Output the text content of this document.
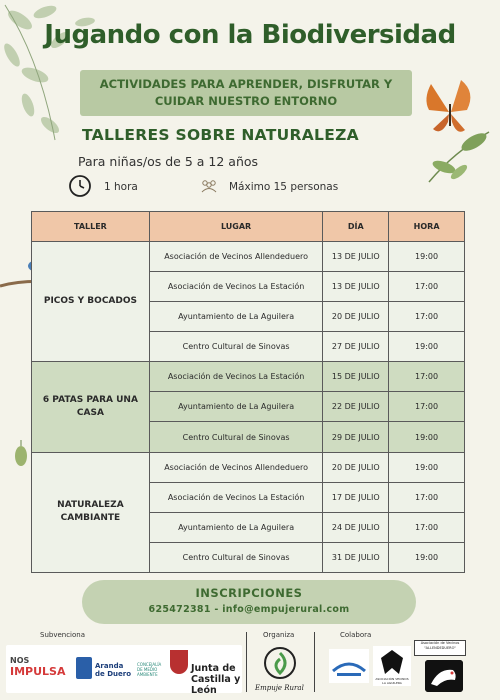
Jugando con la Biodiversidad
ACTIVIDADES PARA APRENDER, DISFRUTAR Y
CUIDAR NUESTRO ENTORNO
TALLERES SOBRE NATURALEZA
Para niñas/os de 5 a 12 años
1 hora	Máximo 15 personas
TALLER	LUGAR	DÍA	HORA
PICOS Y BOCADOS	Asociación de Vecinos Allendeduero	13 DE JULIO	19:00
	Asociación de Vecinos La Estación	13 DE JULIO	17:00
	Ayuntamiento de La Aguilera	20 DE JULIO	17:00
	Centro Cultural de Sinovas	27 DE JULIO	19:00
6 PATAS PARA UNA CASA	Asociación de Vecinos La Estación	15 DE JULIO	17:00
	Ayuntamiento de La Aguilera	22 DE JULIO	17:00
	Centro Cultural de Sinovas	29 DE JULIO	19:00
NATURALEZA CAMBIANTE	Asociación de Vecinos Allendeduero	20 DE JULIO	19:00
	Asociación de Vecinos La Estación	17 DE JULIO	17:00
	Ayuntamiento de La Aguilera	24 DE JULIO	17:00
	Centro Cultural de Sinovas	31 DE JULIO	19:00
INSCRIPCIONES
625472381 - info@empujerural.com
Subvenciona	Organiza	Colabora
NOS
IMPULSA	Aranda de Duero
CONCEJALÍA DE MEDIO AMBIENTE
Junta de Castilla y León	Empuje Rural
ASOCIACIÓN VECINOS LA AGUILERA
Asociación de Vecinos "ALLENDEDUERO"
